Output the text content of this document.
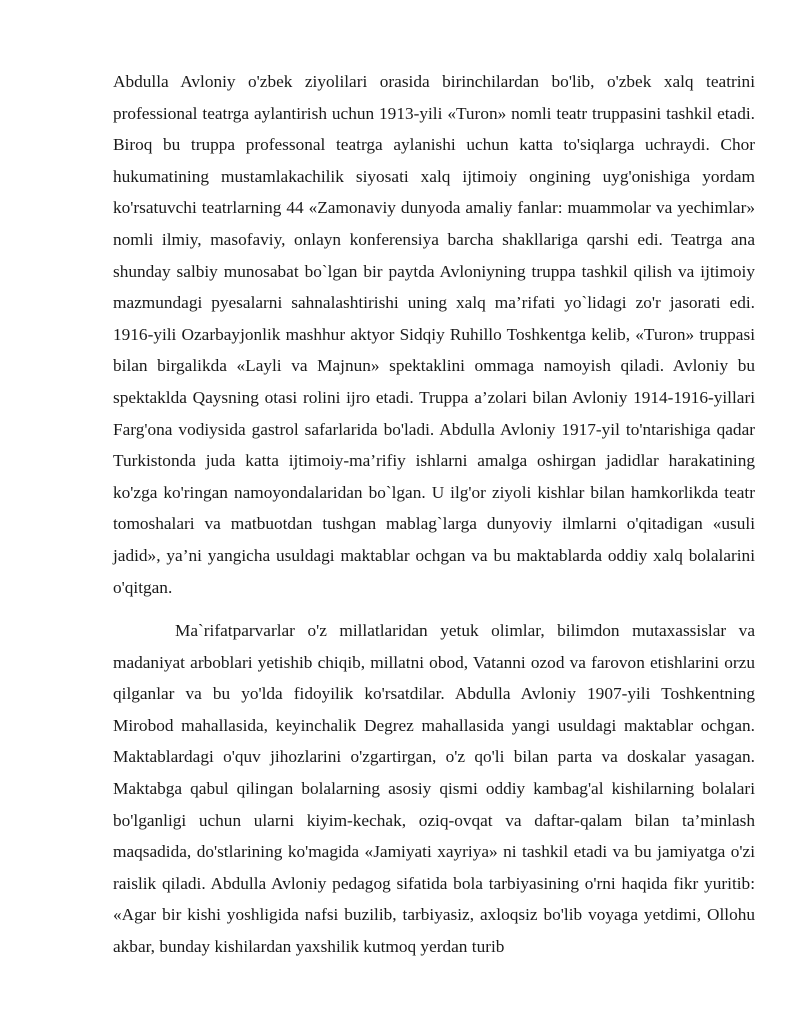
Abdulla Avloniy o'zbek ziyolilari orasida birinchilardan bo'lib, o'zbek xalq teatrini professional teatrga aylantirish uchun 1913-yili «Turon» nomli teatr truppasini tashkil etadi. Biroq bu truppa professonal teatrga aylanishi uchun katta to'siqlarga uchraydi. Chor hukumatining mustamlakachilik siyosati xalq ijtimoiy ongining uyg'onishiga yordam ko'rsatuvchi teatrlarning 44 «Zamonaviy dunyoda amaliy fanlar: muammolar va yechimlar» nomli ilmiy, masofaviy, onlayn konferensiya barcha shakllariga qarshi edi. Teatrga ana shunday salbiy munosabat bo`lgan bir paytda Avloniyning truppa tashkil qilish va ijtimoiy mazmundagi pyesalarni sahnalashtirishi uning xalq ma’rifati yo`lidagi zo'r jasorati edi. 1916-yili Ozarbayjonlik mashhur aktyor Sidqiy Ruhillo Toshkentga kelib, «Turon» truppasi bilan birgalikda «Layli va Majnun» spektaklini ommaga namoyish qiladi. Avloniy bu spektaklda Qaysning otasi rolini ijro etadi. Truppa a’zolari bilan Avloniy 1914-1916-yillari Farg'ona vodiysida gastrol safarlarida bo'ladi. Abdulla Avloniy 1917-yil to'ntarishiga qadar Turkistonda juda katta ijtimoiy-ma’rifiy ishlarni amalga oshirgan jadidlar harakatining ko'zga ko'ringan namoyondalaridan bo`lgan. U ilg'or ziyoli kishlar bilan hamkorlikda teatr tomoshalari va matbuotdan tushgan mablag`larga dunyoviy ilmlarni o'qitadigan «usuli jadid», ya’ni yangicha usuldagi maktablar ochgan va bu maktablarda oddiy xalq bolalarini o'qitgan.

Ma`rifatparvarlar o'z millatlaridan yetuk olimlar, bilimdon mutaxassislar va madaniyat arboblari yetishib chiqib, millatni obod, Vatanni ozod va farovon etishlarini orzu qilganlar va bu yo'lda fidoyilik ko'rsatdilar. Abdulla Avloniy 1907-yili Toshkentning Mirobod mahallasida, keyinchalik Degrez mahallasida yangi usuldagi maktablar ochgan. Maktablardagi o'quv jihozlarini o'zgartirgan, o'z qo'li bilan parta va doskalar yasagan. Maktabga qabul qilingan bolalarning asosiy qismi oddiy kambag'al kishilarning bolalari bo'lganligi uchun ularni kiyim-kechak, oziq-ovqat va daftar-qalam bilan ta’minlash maqsadida, do'stlarining ko'magida «Jamiyati xayriya» ni tashkil etadi va bu jamiyatga o'zi raislik qiladi. Abdulla Avloniy pedagog sifatida bola tarbiyasining o'rni haqida fikr yuritib: «Agar bir kishi yoshligida nafsi buzilib, tarbiyasiz, axloqsiz bo'lib voyaga yetdimi, Ollohu akbar, bunday kishilardan yaxshilik kutmoq yerdan turib
